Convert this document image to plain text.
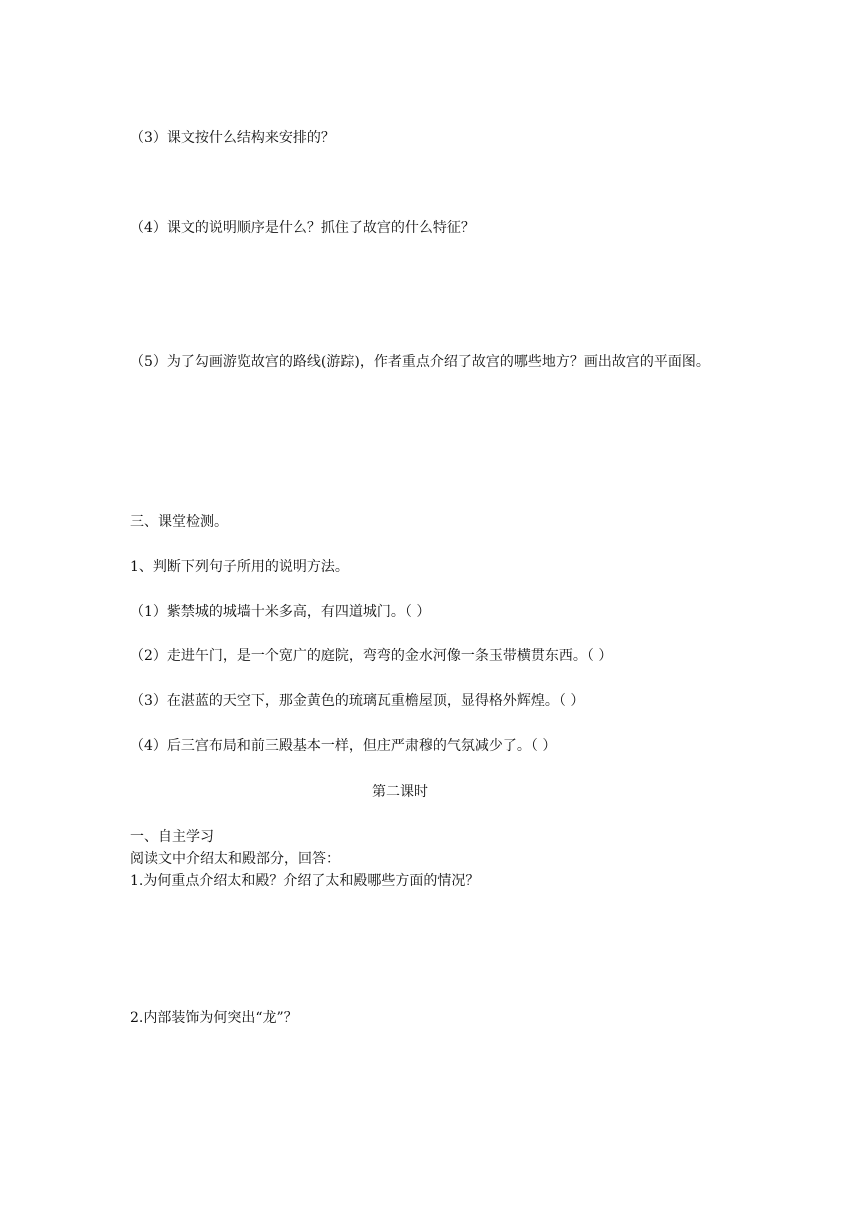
（3）课文按什么结构来安排的？

（4）课文的说明顺序是什么？抓住了故宫的什么特征？

（5）为了勾画游览故宫的路线(游踪)，作者重点介绍了故宫的哪些地方？画出故宫的平面图。

三、课堂检测。

1、判断下列句子所用的说明方法。

（1）紫禁城的城墙十米多高，有四道城门。（ ）

（2）走进午门，是一个宽广的庭院，弯弯的金水河像一条玉带横贯东西。（ ）

（3）在湛蓝的天空下，那金黄色的琉璃瓦重檐屋顶，显得格外辉煌。（ ）

（4）后三宫布局和前三殿基本一样，但庄严肃穆的气氛减少了。（ ）

第二课时

一、自主学习

阅读文中介绍太和殿部分，回答：

1.为何重点介绍太和殿？介绍了太和殿哪些方面的情况？

2.内部装饰为何突出“龙”？
